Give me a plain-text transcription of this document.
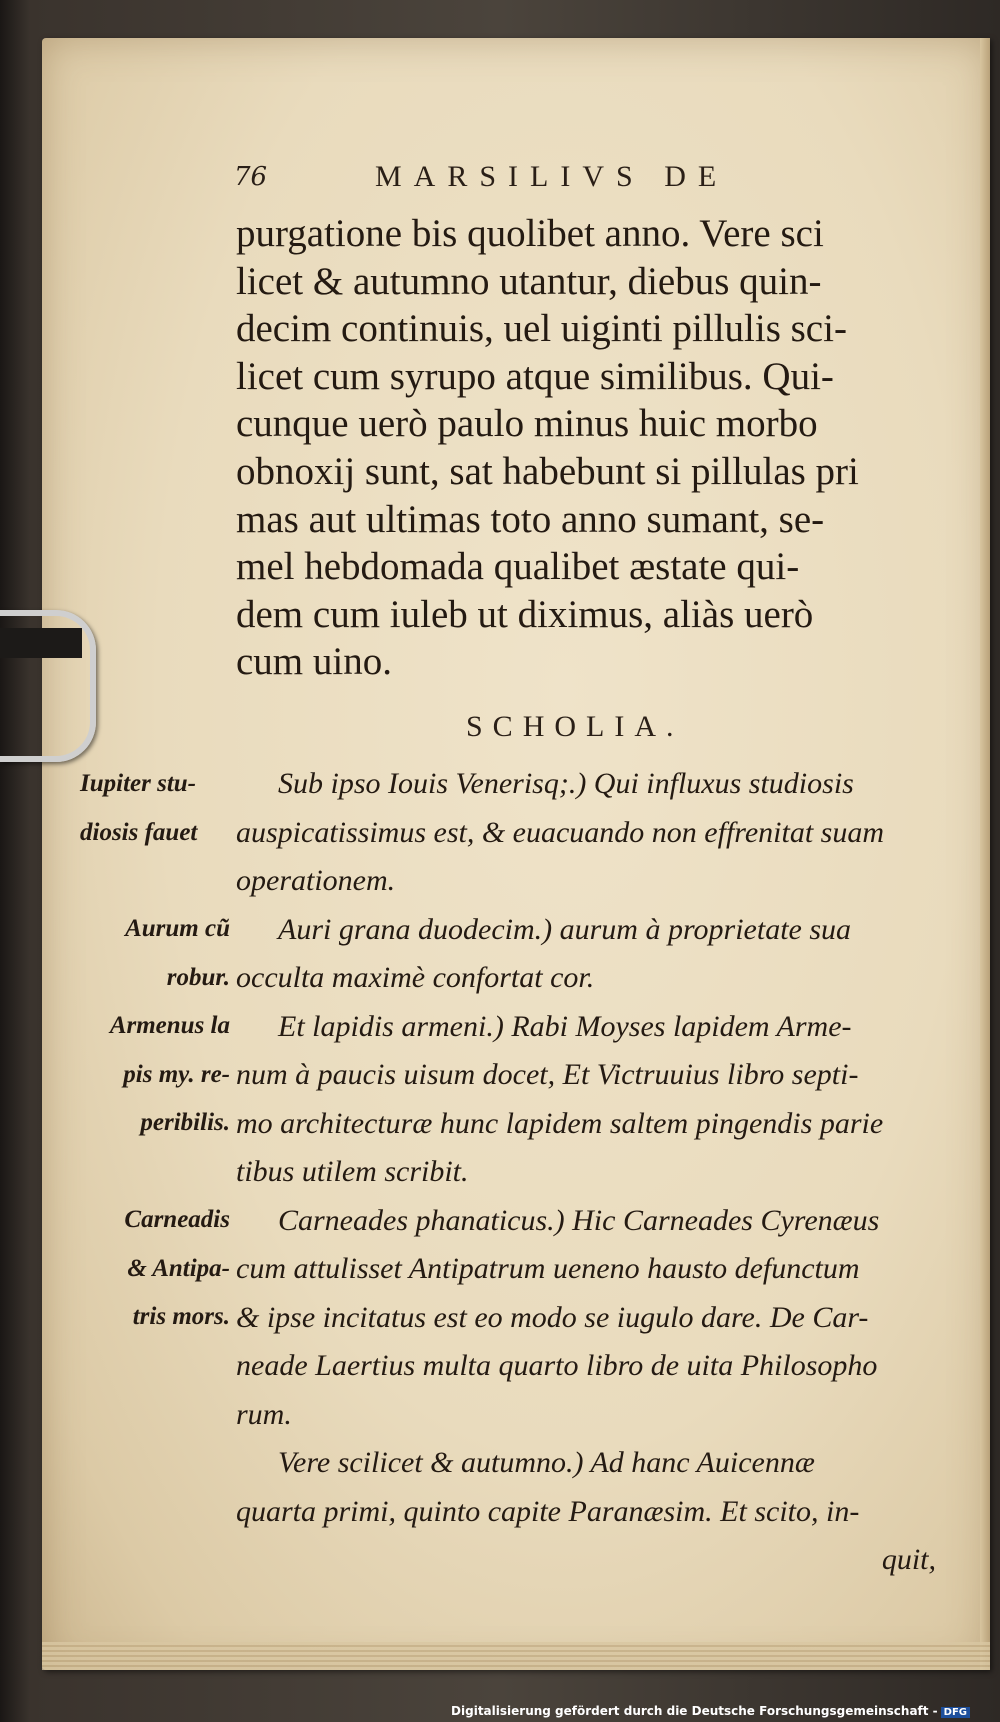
76	MARSILIVS DE
purgatione bis quolibet anno. Vere sci
licet & autumno utantur, diebus quin-
decim continuis, uel uiginti pillulis sci-
licet cum syrupo atque similibus. Qui-
cunque uerò paulo minus huic morbo
obnoxij sunt, sat habebunt si pillulas pri
mas aut ultimas toto anno sumant, se-
mel hebdomada qualibet æstate qui-
dem cum iuleb ut diximus, aliàs uerò
cum uino.
SCHOLIA.
Sub ipso Iouis Venerisq;.) Qui influxus studiosis
auspicatissimus est, & euacuando non effrenitat suam
operationem.
Auri grana duodecim.) aurum à proprietate sua
occulta maximè confortat cor.
Et lapidis armeni.) Rabi Moyses lapidem Arme-
num à paucis uisum docet, Et Victruuius libro septi-
mo architecturæ hunc lapidem saltem pingendis parie
tibus utilem scribit.
Carneades phanaticus.) Hic Carneades Cyrenæus
cum attulisset Antipatrum ueneno hausto defunctum
& ipse incitatus est eo modo se iugulo dare. De Car-
neade Laertius multa quarto libro de uita Philosopho
rum.
Vere scilicet & autumno.) Ad hanc Auicennæ
quarta primi, quinto capite Paranæsim. Et scito, in-
quit,
Iupiter stu-
diosis fauet
Aurum cũ
robur.
Armenus la
pis my. re-
peribilis.
Carneadis
& Antipa-
tris mors.
Digitalisierung gefördert durch die Deutsche Forschungsgemeinschaft - DFG
